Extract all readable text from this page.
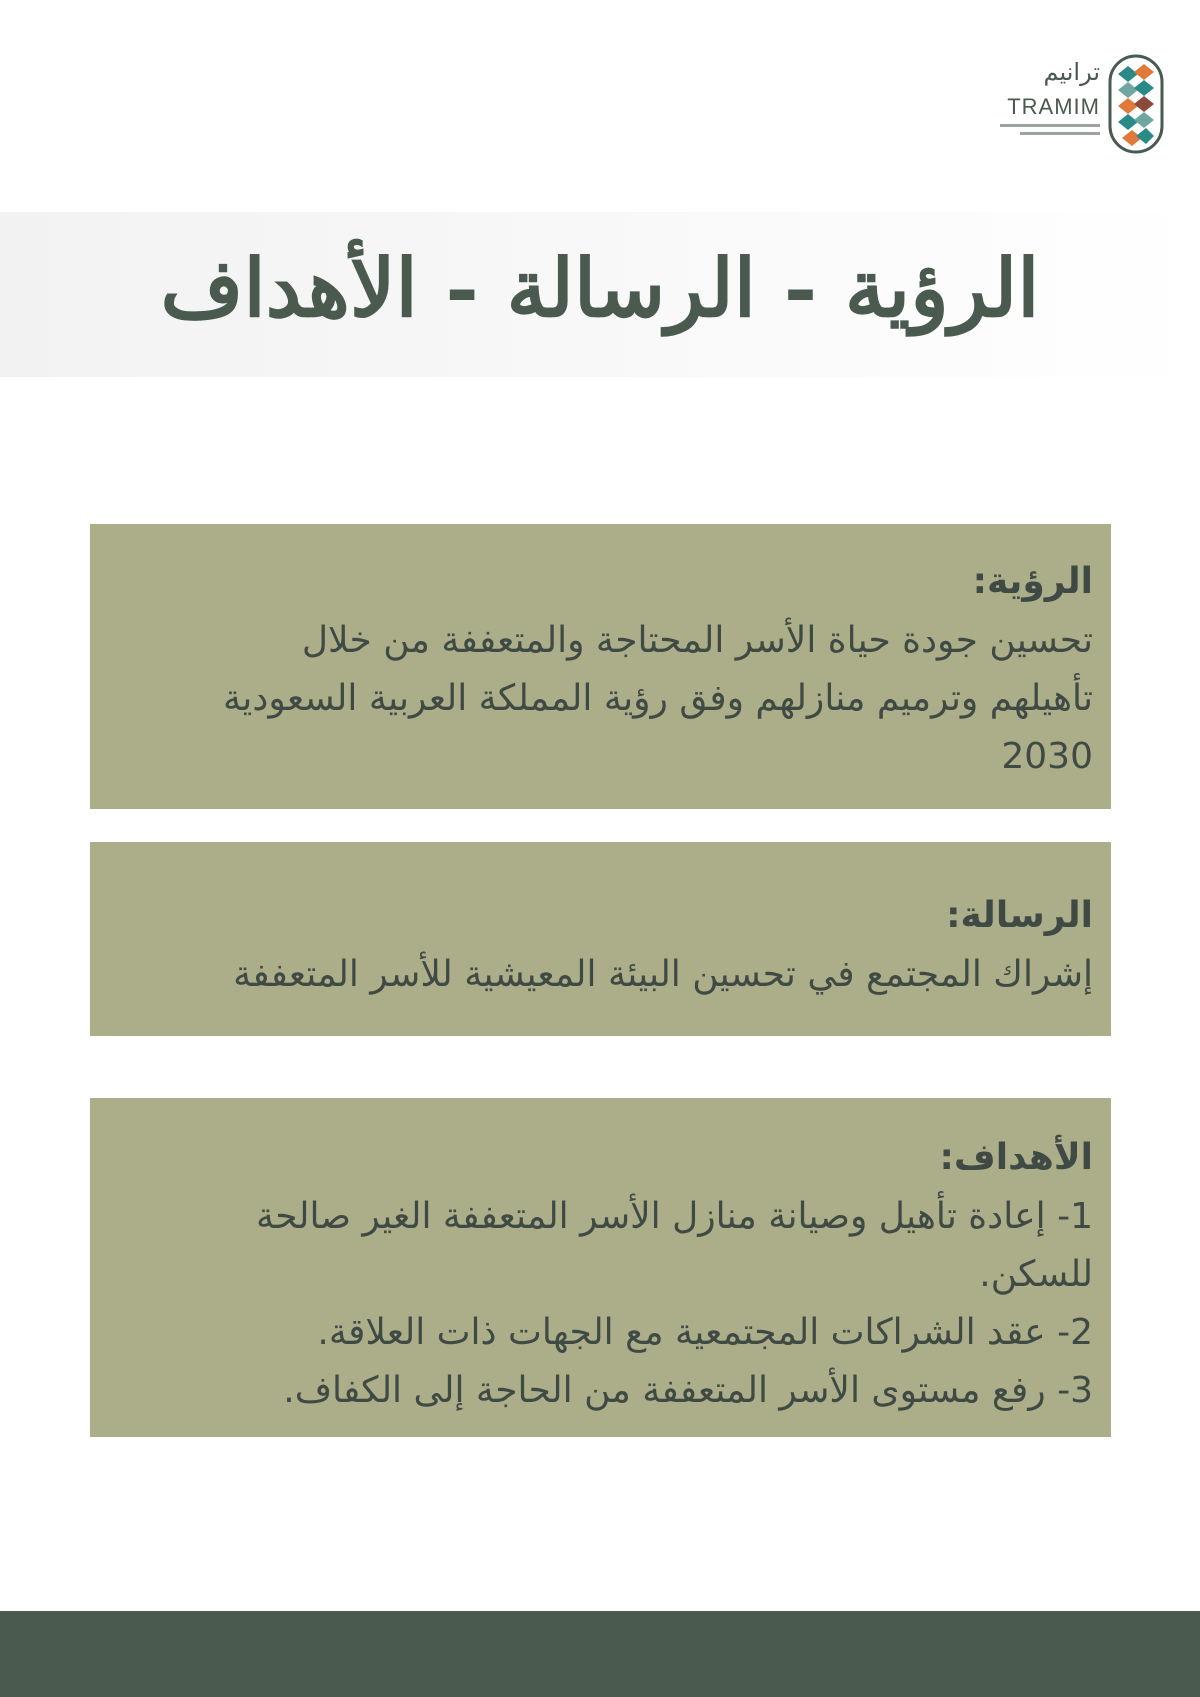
ترانيم
TRAMIM
الرؤية - الرسالة - الأهداف

الرؤية:

تحسين جودة حياة الأسر المحتاجة والمتعففة من خلال

تأهيلهم وترميم منازلهم وفق رؤية المملكة العربية السعودية

2030

الرسالة:

إشراك المجتمع في تحسين البيئة المعيشية للأسر المتعففة

الأهداف:

1- إعادة تأهيل وصيانة منازل الأسر المتعففة الغير صالحة

للسكن.

2- عقد الشراكات المجتمعية مع الجهات ذات العلاقة.

3- رفع مستوى الأسر المتعففة من الحاجة إلى الكفاف.
